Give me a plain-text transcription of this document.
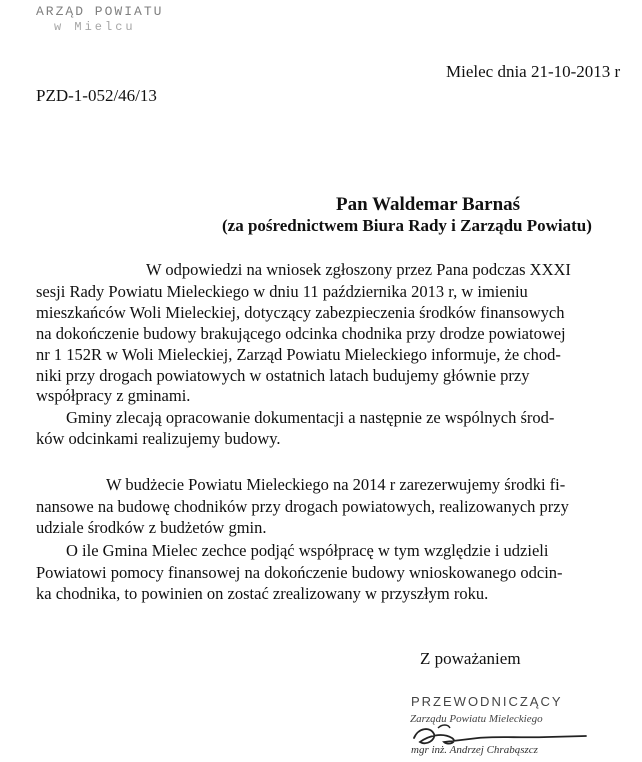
ARZĄD POWIATU
w Mielcu
Mielec dnia 21-10-2013 r
PZD-1-052/46/13
Pan Waldemar Barnaś
(za pośrednictwem Biura Rady i Zarządu Powiatu)
W odpowiedzi na wniosek zgłoszony przez Pana podczas XXXI
sesji Rady Powiatu Mieleckiego w dniu 11 października 2013 r, w imieniu
mieszkańców Woli Mieleckiej, dotyczący zabezpieczenia środków finansowych
na dokończenie budowy brakującego odcinka chodnika przy drodze powiatowej
nr 1 152R w Woli Mieleckiej, Zarząd Powiatu Mieleckiego informuje, że chod-
niki przy drogach powiatowych w ostatnich latach budujemy głównie przy
współpracy z gminami.
Gminy zlecają opracowanie dokumentacji a następnie ze wspólnych środ-
ków odcinkami realizujemy budowy.
W budżecie Powiatu Mieleckiego na 2014 r zarezerwujemy środki fi-
nansowe na budowę chodników przy drogach powiatowych, realizowanych przy
udziale środków z budżetów gmin.
O ile Gmina Mielec zechce podjąć współpracę w tym względzie i udzieli
Powiatowi pomocy finansowej na dokończenie budowy wnioskowanego odcin-
ka chodnika, to powinien on zostać zrealizowany w przyszłym roku.
Z poważaniem
PRZEWODNICZĄCY
Zarządu Powiatu Mieleckiego
mgr inż. Andrzej Chrabąszcz
